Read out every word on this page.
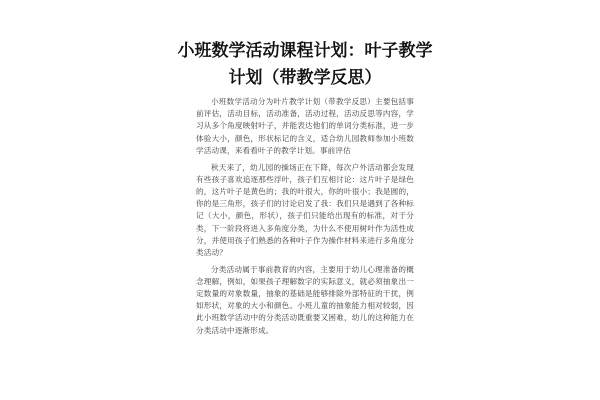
小班数学活动课程计划：叶子教学计划（带教学反思）

小班数学活动分为叶片教学计划（带教学反思）主要包括事前评估，活动目标，活动准备，活动过程，活动反思等内容，学习从多个角度映射叶子，并能表达他们的单词分类标准，进一步体验大小，颜色，形状标记的含义，适合幼儿园教师参加小班数学活动课，来看看叶子的教学计划。事前评估

秋天来了，幼儿园的操场正在下降，每次户外活动都会发现有些孩子喜欢追逐那些浮叶，孩子们互相讨论：这片叶子是绿色的，这片叶子是黄色的；我的叶很大，你的叶很小；我是圆的，你的是三角形，孩子们的讨论启发了我：我们只是遇到了各种标记（大小，颜色，形状），孩子们只能给出现有的标准，对于分类，下一阶段将进入多角度分类，为什么不使用树叶作为活性成分，并使用孩子们熟悉的各种叶子作为操作材料来进行多角度分类活动？

分类活动属于事前教育的内容，主要用于幼儿心理准备的概念理解，例如，如果孩子理解数字的实际意义，就必须抽象出一定数量的对象数量，抽象的基础是能够排除外部特征的干扰，例如形状，对象的大小和颜色。小班儿童的抽象能力相对较弱，因此小班数学活动中的分类活动既重要又困难，幼儿的这种能力在分类活动中逐渐形成。
